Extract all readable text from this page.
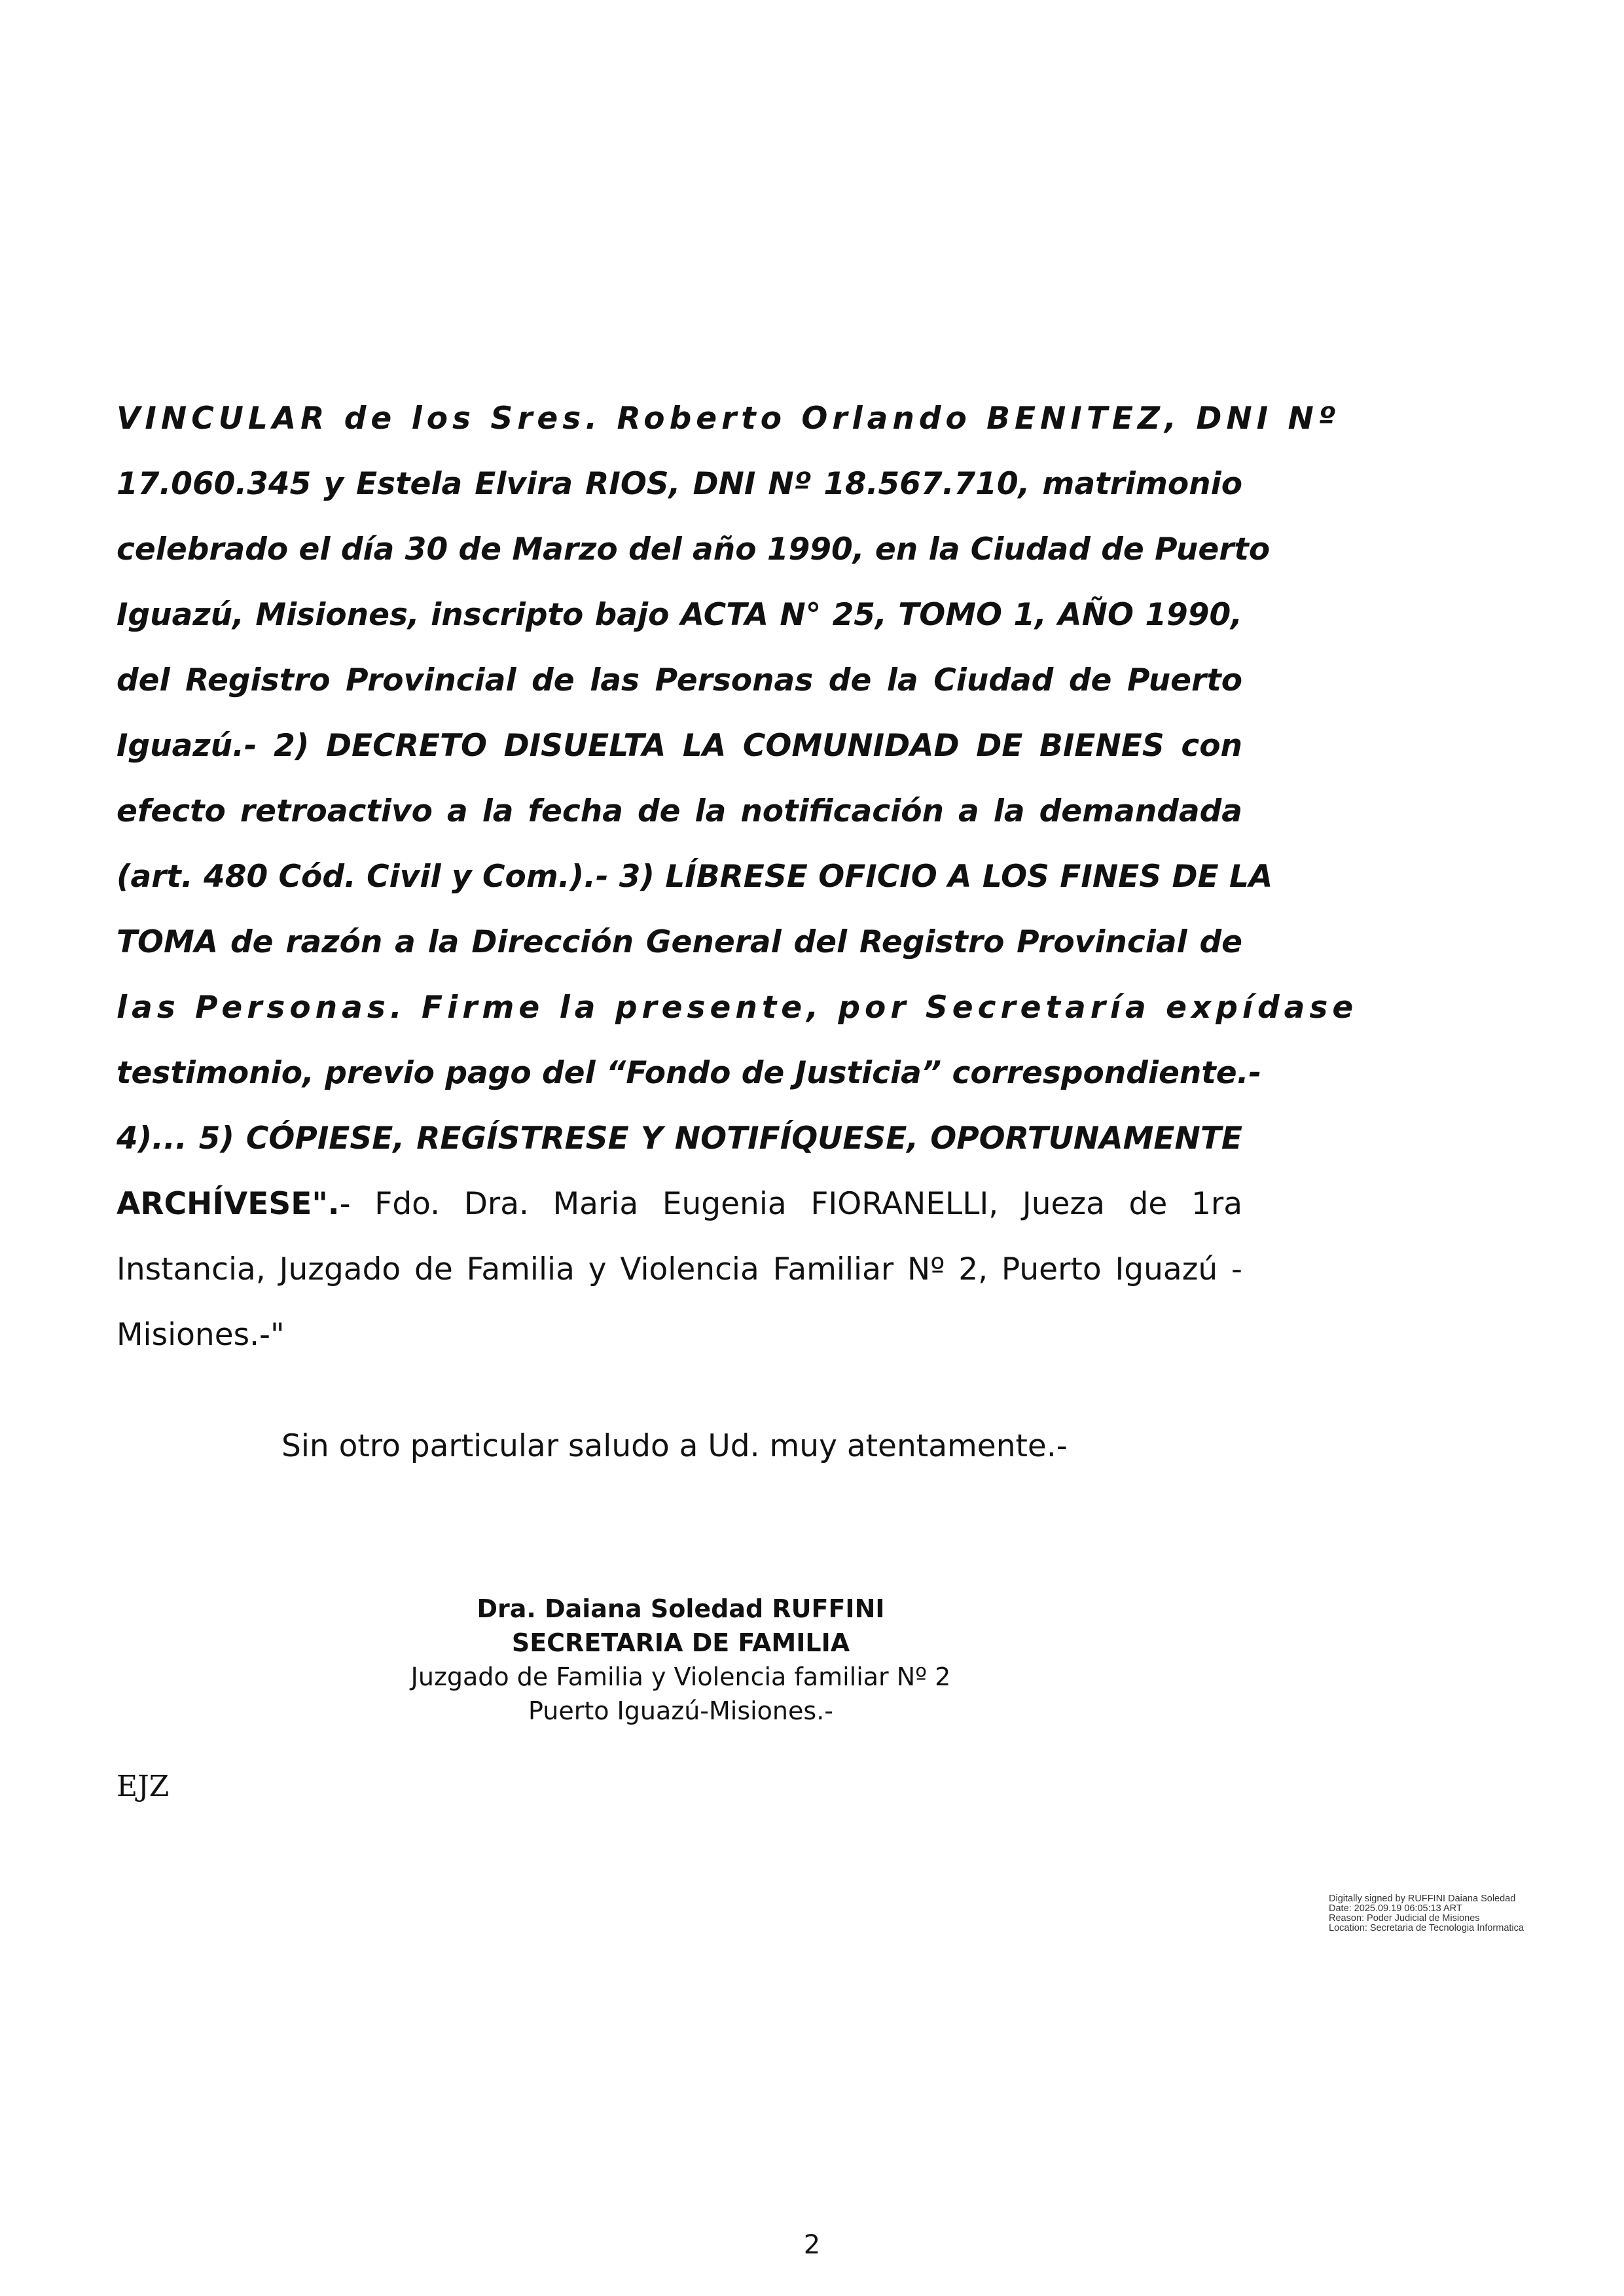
VINCULAR de los Sres. Roberto Orlando BENITEZ, DNI Nº
17.060.345 y Estela Elvira RIOS, DNI Nº 18.567.710, matrimonio
celebrado el día 30 de Marzo del año 1990, en la Ciudad de Puerto
Iguazú, Misiones, inscripto bajo ACTA N° 25, TOMO 1, AÑO 1990,
del Registro Provincial de las Personas de la Ciudad de Puerto
Iguazú.- 2) DECRETO DISUELTA LA COMUNIDAD DE BIENES con
efecto retroactivo a la fecha de la notificación a la demandada
(art. 480 Cód. Civil y Com.).- 3) LÍBRESE OFICIO A LOS FINES DE LA
TOMA de razón a la Dirección General del Registro Provincial de
las Personas. Firme la presente, por Secretaría expídase
testimonio, previo pago del “Fondo de Justicia” correspondiente.-
4)... 5) CÓPIESE, REGÍSTRESE Y NOTIFÍQUESE, OPORTUNAMENTE
ARCHÍVESE".- Fdo. Dra. Maria Eugenia FIORANELLI, Jueza de 1ra
Instancia, Juzgado de Familia y Violencia Familiar Nº 2, Puerto Iguazú -
Misiones.-"
Sin otro particular saludo a Ud. muy atentamente.-
Dra. Daiana Soledad RUFFINI
SECRETARIA DE FAMILIA
Juzgado de Familia y Violencia familiar Nº 2
Puerto Iguazú-Misiones.-
EJZ
Digitally signed by RUFFINI Daiana Soledad
Date: 2025.09.19 06:05:13 ART
Reason: Poder Judicial de Misiones
Location: Secretaria de Tecnologia Informatica
2
